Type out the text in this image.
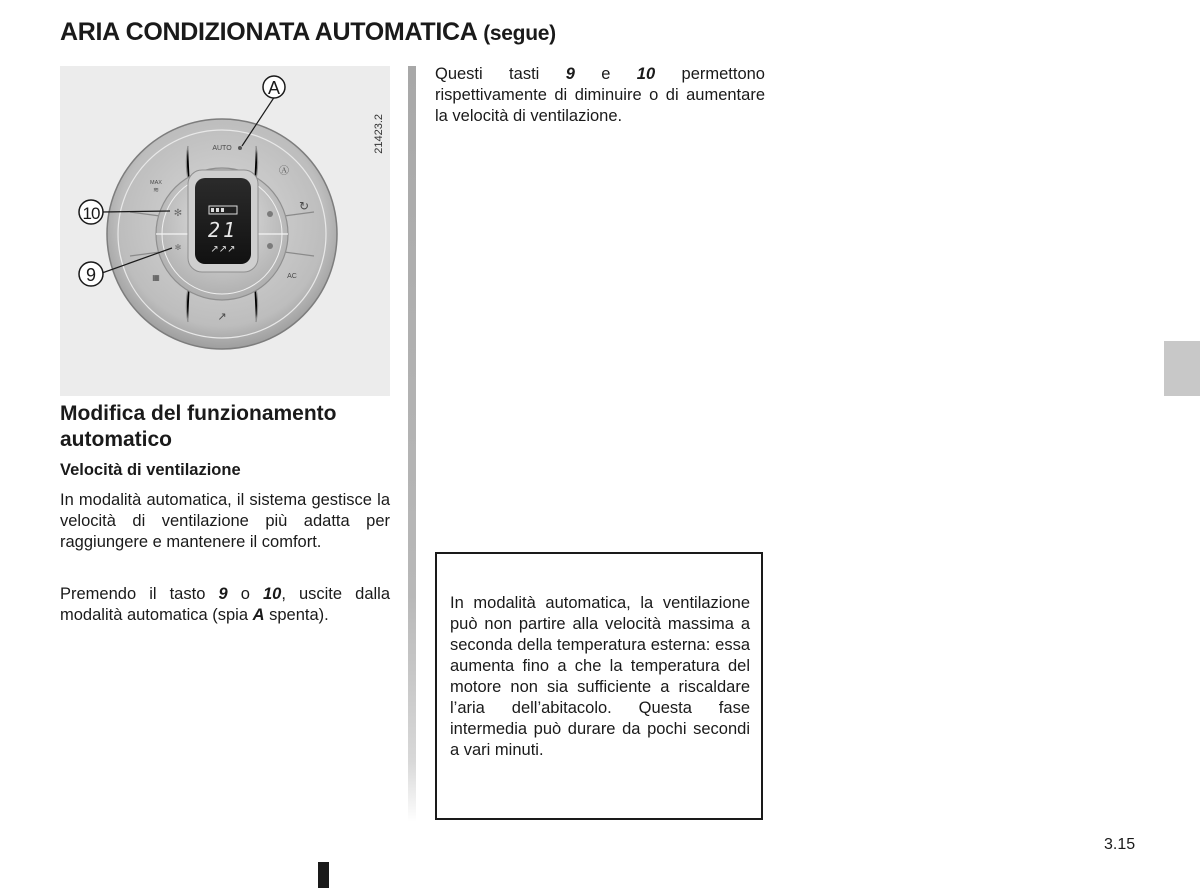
ARIA CONDIZIONATA AUTOMATICA (segue)
21
↗↗↗
✻
✻
AUTO
MAX
≋
▦
Ⓐ
↻
AC
↗
A
10
9
21423.2
Modifica del funzionamento automatico
Velocità di ventilazione

In modalità automatica, il sistema gestisce la velocità di ventilazione più adatta per raggiungere e mantenere il comfort.

Premendo il tasto 9 o 10, uscite dalla modalità automatica (spia A spenta).

Questi tasti 9 e 10 permettono rispettivamente di diminuire o di aumentare la velocità di ventilazione.

In modalità automatica, la ventilazione può non partire alla velocità massima a seconda della temperatura esterna: essa aumenta fino a che la temperatura del motore non sia sufficiente a riscaldare l’aria dell’abitacolo. Questa fase intermedia può durare da pochi secondi a vari minuti.

3.15
